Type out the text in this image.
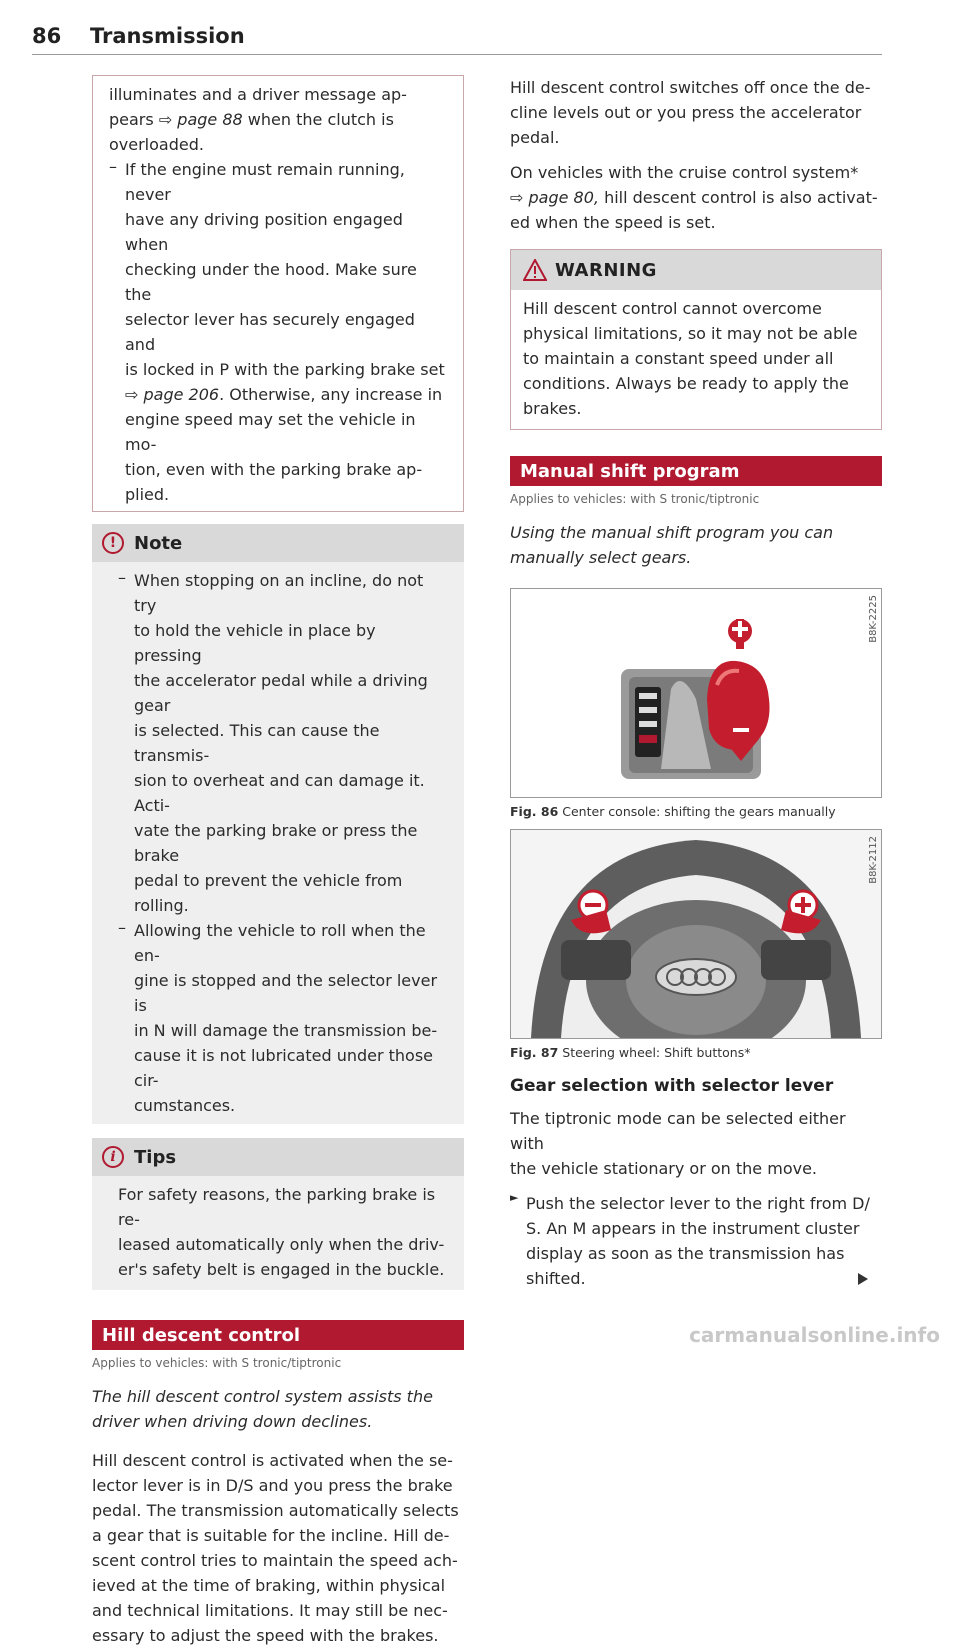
86 Transmission

illuminates and a driver message ap-

pears ⇨ page 88 when the clutch is

overloaded.

– If the engine must remain running, never

have any driving position engaged when

checking under the hood. Make sure the

selector lever has securely engaged and

is locked in P with the parking brake set

⇨ page 206. Otherwise, any increase in

engine speed may set the vehicle in mo-

tion, even with the parking brake ap-

plied.

! Note

– When stopping on an incline, do not try

to hold the vehicle in place by pressing

the accelerator pedal while a driving gear

is selected. This can cause the transmis-

sion to overheat and can damage it. Acti-

vate the parking brake or press the brake

pedal to prevent the vehicle from rolling.

– Allowing the vehicle to roll when the en-

gine is stopped and the selector lever is

in N will damage the transmission be-

cause it is not lubricated under those cir-

cumstances.

i	Tips

For safety reasons, the parking brake is re-

leased automatically only when the driv-

er's safety belt is engaged in the buckle.

Hill descent control
Applies to vehicles: with S tronic/tiptronic
The hill descent control system assists the
driver when driving down declines.

Hill descent control is activated when the se-

lector lever is in D/S and you press the brake

pedal. The transmission automatically selects

a gear that is suitable for the incline. Hill de-

scent control tries to maintain the speed ach-

ieved at the time of braking, within physical

and technical limitations. It may still be nec-

essary to adjust the speed with the brakes.

Hill descent control switches off once the de-

cline levels out or you press the accelerator

pedal.

On vehicles with the cruise control system*

⇨ page 80, hill descent control is also activat-

ed when the speed is set.

WARNING

Hill descent control cannot overcome

physical limitations, so it may not be able

to maintain a constant speed under all

conditions. Always be ready to apply the

brakes.

Manual shift program
Applies to vehicles: with S tronic/tiptronic
Using the manual shift program you can
manually select gears.
B8K-2225
Fig. 86 Center console: shifting the gears manually
B8K-2112
Fig. 87 Steering wheel: Shift buttons*
Gear selection with selector lever

The tiptronic mode can be selected either with

the vehicle stationary or on the move.

► Push the selector lever to the right from D/

S. An M appears in the instrument cluster

display as soon as the transmission has

shifted.

carmanualsonline.info
